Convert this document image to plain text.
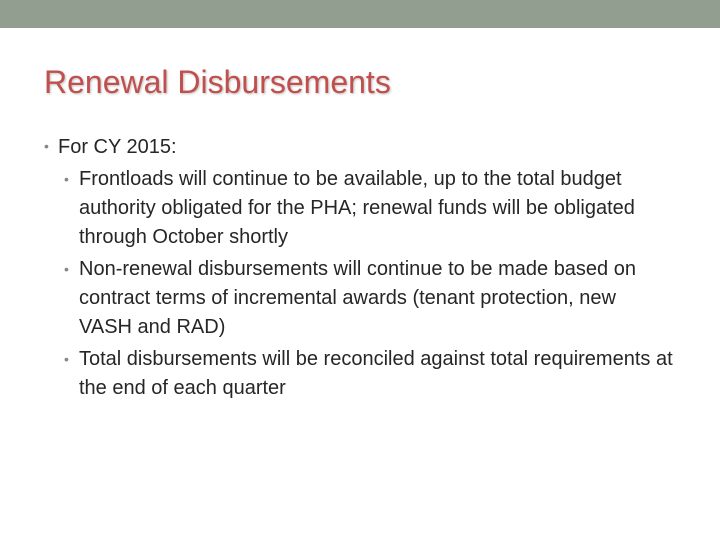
Renewal Disbursements
• For CY 2015:
• Frontloads will continue to be available, up to the total budget authority obligated for the PHA; renewal funds will be obligated through October shortly
• Non-renewal disbursements will continue to be made based on contract terms of incremental awards (tenant protection, new VASH and RAD)
• Total disbursements will be reconciled against total requirements at the end of each quarter
